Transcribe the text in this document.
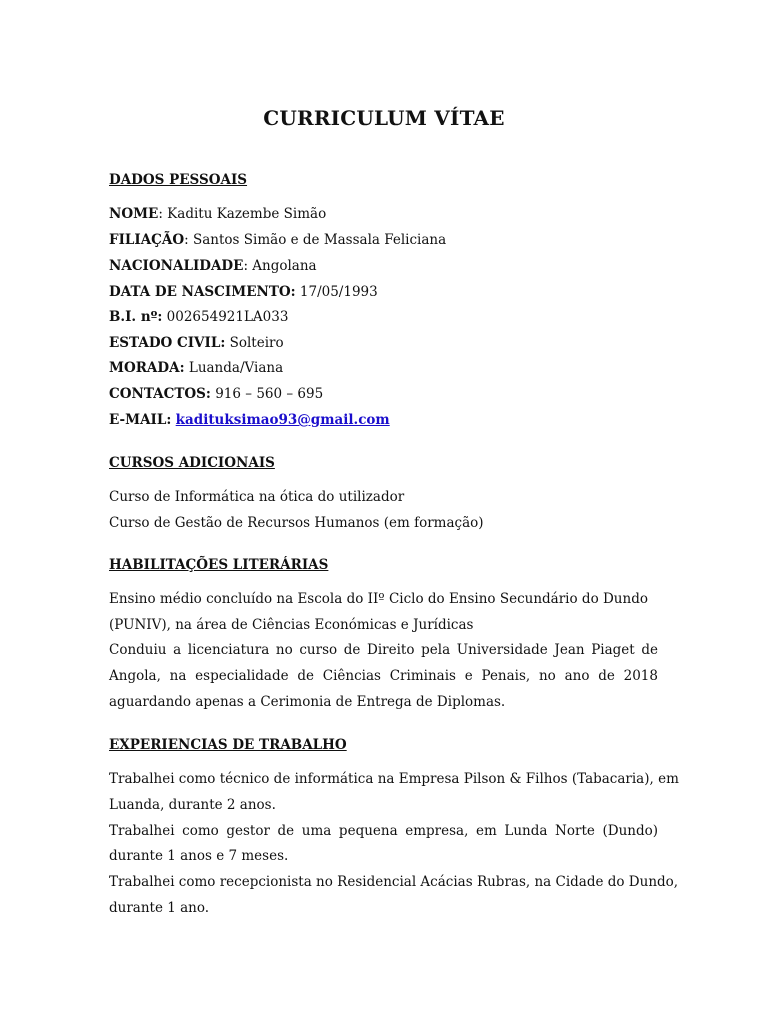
CURRICULUM VÍTAE
DADOS PESSOAIS
NOME: Kaditu Kazembe Simão
FILIAÇÃO: Santos Simão e de Massala Feliciana
NACIONALIDADE: Angolana
DATA DE NASCIMENTO: 17/05/1993
B.I. nº: 002654921LA033
ESTADO CIVIL: Solteiro
MORADA: Luanda/Viana
CONTACTOS: 916 – 560 – 695
E-MAIL: kadituksimao93@gmail.com
CURSOS ADICIONAIS
Curso de Informática na ótica do utilizador
Curso de Gestão de Recursos Humanos (em formação)
HABILITAÇÕES LITERÁRIAS
Ensino médio concluído na Escola do IIº Ciclo do Ensino Secundário do Dundo
(PUNIV), na área de Ciências Económicas e Jurídicas
Conduiu a licenciatura no curso de Direito pela Universidade Jean Piaget de
Angola, na especialidade de Ciências Criminais e Penais, no ano de 2018
aguardando apenas a Cerimonia de Entrega de Diplomas.
EXPERIENCIAS DE TRABALHO
Trabalhei como técnico de informática na Empresa Pilson & Filhos (Tabacaria), em
Luanda, durante 2 anos.
Trabalhei como gestor de uma pequena empresa, em Lunda Norte (Dundo)
durante 1 anos e 7 meses.
Trabalhei como recepcionista no Residencial Acácias Rubras, na Cidade do Dundo,
durante 1 ano.
